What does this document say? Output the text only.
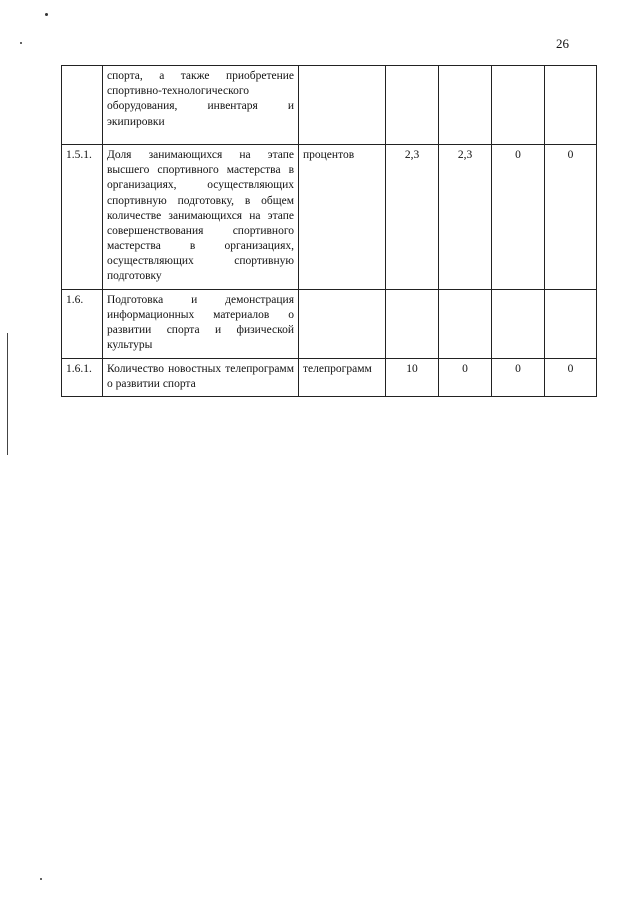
26
	спорта, а также приобретение спортивно-технологического оборудования, инвентаря и экипировки					
1.5.1.	Доля занимающихся на этапе высшего спортивного мастерства в организациях, осуществляющих спортивную подготовку, в общем количестве занимающихся на этапе совершенствования спортивного мастерства в организациях, осуществляющих спортивную подготовку	процентов	2,3	2,3	0	0
1.6.	Подготовка и демонстрация информационных материалов о развитии спорта и физической культуры					
1.6.1.	Количество новостных телепрограмм о развитии спорта	телепрограмм	10	0	0	0
